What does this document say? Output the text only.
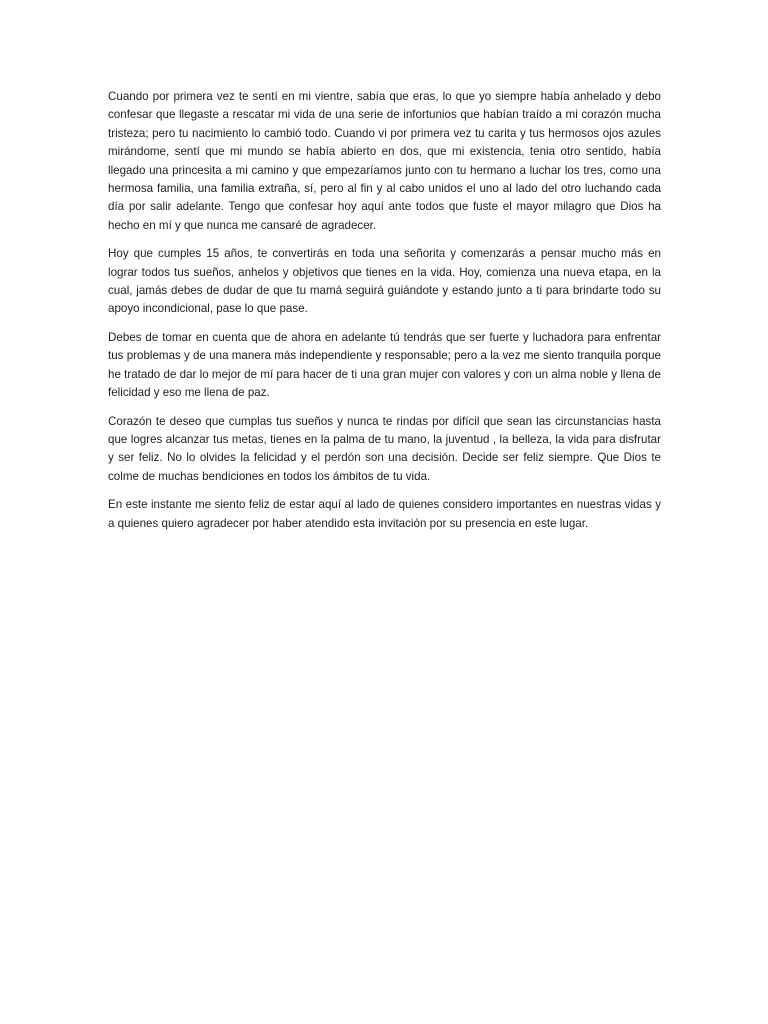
Cuando por primera vez te sentí en mi vientre, sabía que eras, lo que yo siempre había anhelado y debo confesar que llegaste a rescatar mi vida de una serie de infortunios que habían traído a mi corazón mucha tristeza; pero tu nacimiento lo cambió todo. Cuando vi por primera vez tu carita y tus hermosos ojos azules mirándome, sentí que mi mundo se había abierto en dos, que mi existencia, tenia otro sentido, había llegado una princesita a mi camino y que empezaríamos junto con tu hermano a luchar los tres, como una hermosa familia, una familia extraña, sí, pero al fin y al cabo unidos el uno al lado del otro luchando cada día por salir adelante. Tengo que confesar hoy aquí ante todos que fuste el mayor milagro que Dios ha hecho en mí y que nunca me cansaré de agradecer.

Hoy que cumples 15 años, te convertirás en toda una señorita y comenzarás a pensar mucho más en lograr todos tus sueños, anhelos y objetivos que tienes en la vida. Hoy, comienza una nueva etapa, en la cual, jamás debes de dudar de que tu mamá seguirá guiándote y estando junto a ti para brindarte todo su apoyo incondicional, pase lo que pase.

Debes de tomar en cuenta que de ahora en adelante tú tendrás que ser fuerte y luchadora para enfrentar tus problemas y de una manera más independiente y responsable; pero a la vez me siento tranquila porque he tratado de dar lo mejor de mí para hacer de ti una gran mujer con valores y con un alma noble y llena de felicidad y eso me llena de paz.

Corazón te deseo que cumplas tus sueños y nunca te rindas por difícil que sean las circunstancias hasta que logres alcanzar tus metas, tienes en la palma de tu mano, la juventud , la belleza, la vida para disfrutar y ser feliz. No lo olvides la felicidad y el perdón son una decisión. Decide ser feliz siempre. Que Dios te colme de muchas bendiciones en todos los ámbitos de tu vida.

En este instante me siento feliz de estar aquí al lado de quienes considero importantes en nuestras vidas y a quienes quiero agradecer por haber atendido esta invitación por su presencia en este lugar.
